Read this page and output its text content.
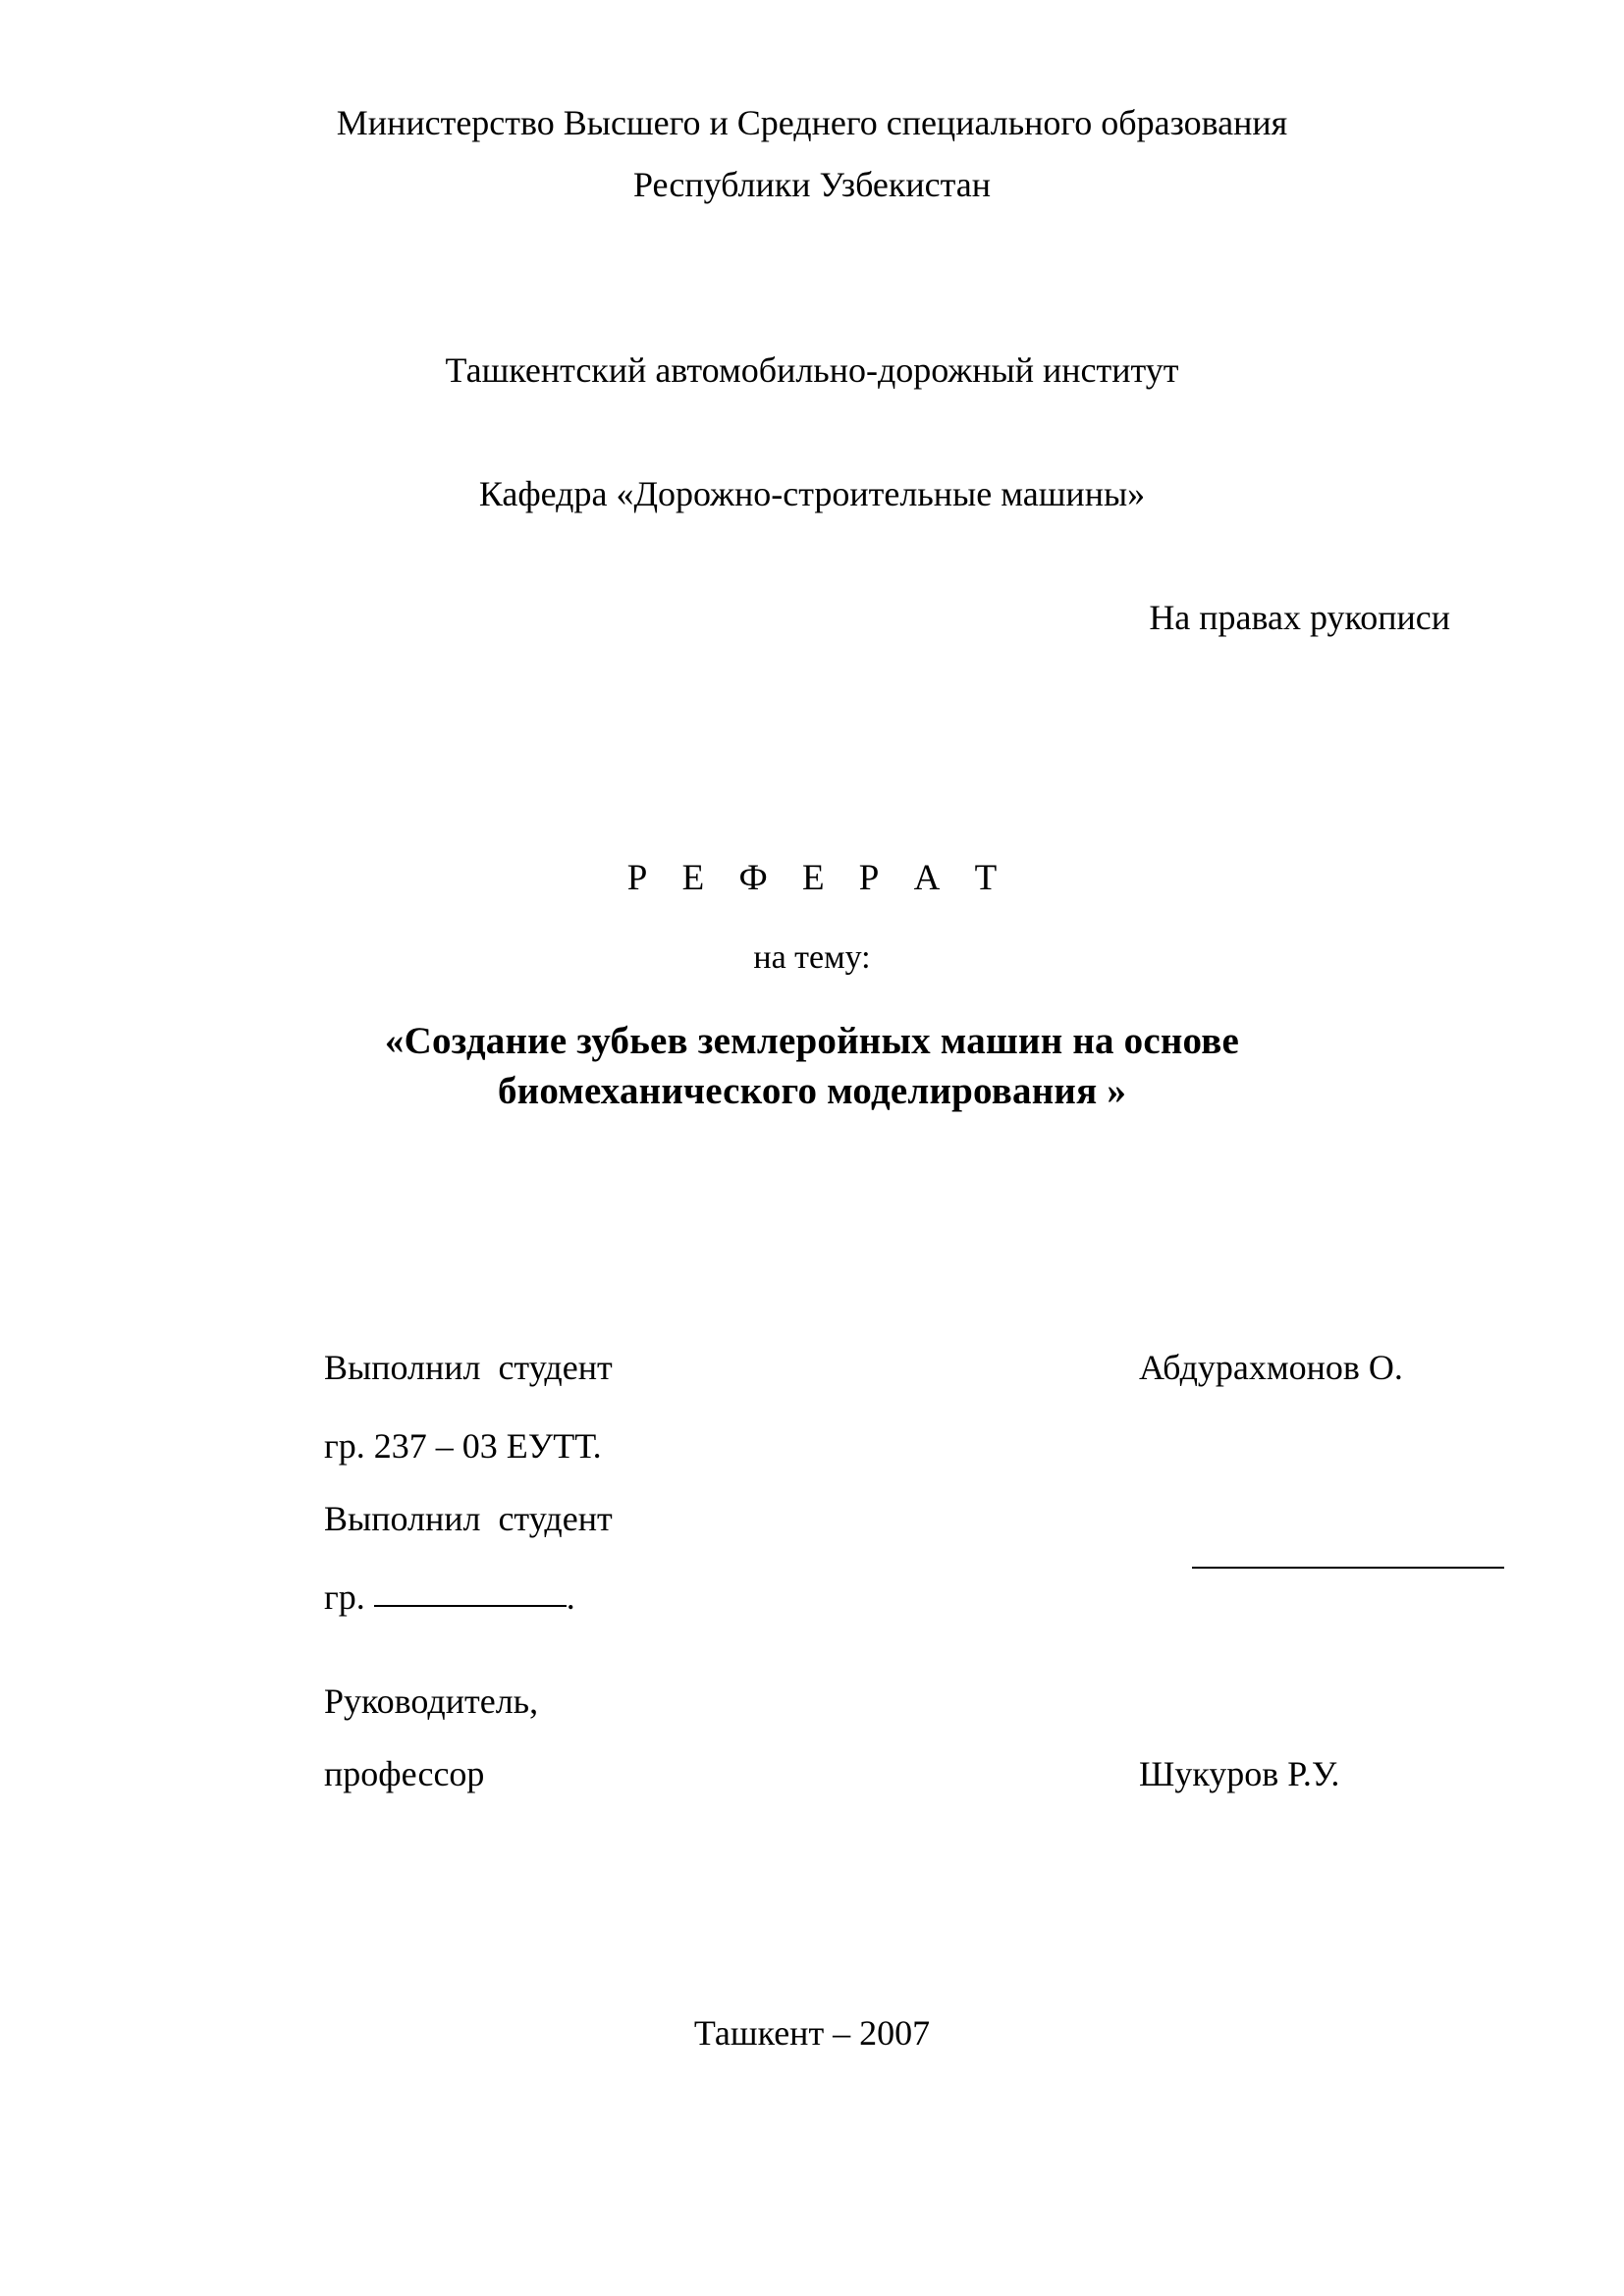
Министерство Высшего и Среднего специального образования
Республики Узбекистан
Ташкентский автомобильно-дорожный институт
Кафедра «Дорожно-строительные машины»
На правах рукописи
Р Е Ф Е Р А Т
на тему:
«Создание зубьев землеройных машин на основе
биомеханического моделирования »
Выполнил  студент	Абдурахмонов О.
гр. 237 – 03 ЕУТТ.
Выполнил  студент

гр.	.
Руководитель,
профессор	Шукуров Р.У.
Ташкент – 2007
